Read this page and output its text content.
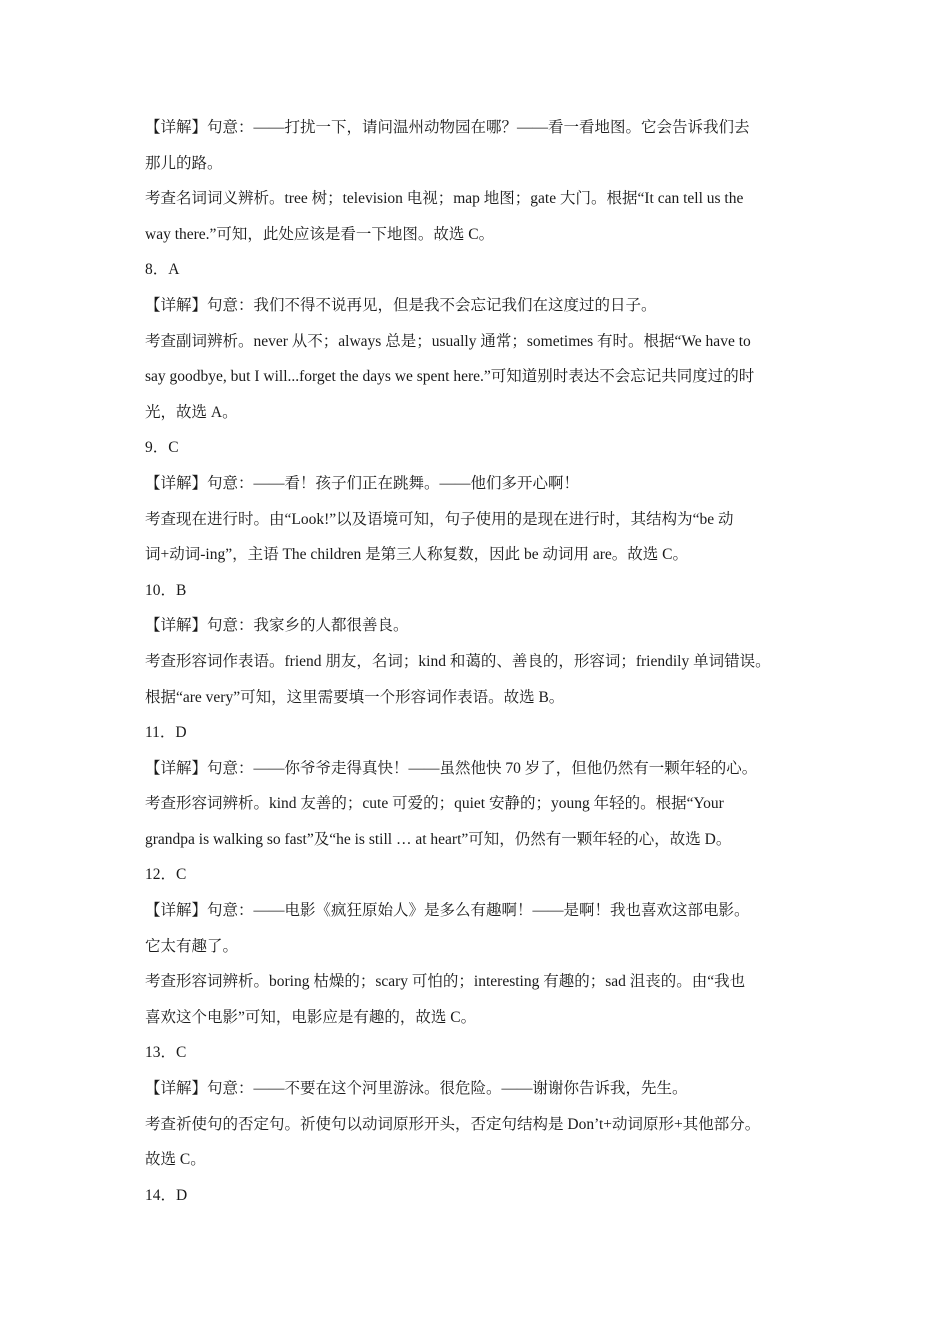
【详解】句意：——打扰一下，请问温州动物园在哪？——看一看地图。它会告诉我们去
那儿的路。
考查名词词义辨析。tree 树；television 电视；map 地图；gate 大门。根据“It can tell us the
way there.”可知，此处应该是看一下地图。故选 C。
8．A
【详解】句意：我们不得不说再见，但是我不会忘记我们在这度过的日子。
考查副词辨析。never 从不；always 总是；usually 通常；sometimes 有时。根据“We have to
say goodbye, but I will...forget the days we spent here.”可知道别时表达不会忘记共同度过的时
光，故选 A。
9．C
【详解】句意：——看！孩子们正在跳舞。——他们多开心啊！
考查现在进行时。由“Look!”以及语境可知，句子使用的是现在进行时，其结构为“be 动
词+动词-ing”，主语 The children 是第三人称复数，因此 be 动词用 are。故选 C。
10．B
【详解】句意：我家乡的人都很善良。
考查形容词作表语。friend 朋友，名词；kind 和蔼的、善良的，形容词；friendily 单词错误。
根据“are very”可知，这里需要填一个形容词作表语。故选 B。
11．D
【详解】句意：——你爷爷走得真快！——虽然他快 70 岁了，但他仍然有一颗年轻的心。
考查形容词辨析。kind 友善的；cute 可爱的；quiet 安静的；young 年轻的。根据“Your
grandpa is walking so fast”及“he is still … at heart”可知，仍然有一颗年轻的心，故选 D。
12．C
【详解】句意：——电影《疯狂原始人》是多么有趣啊！——是啊！我也喜欢这部电影。
它太有趣了。
考查形容词辨析。boring 枯燥的；scary 可怕的；interesting 有趣的；sad 沮丧的。由“我也
喜欢这个电影”可知，电影应是有趣的，故选 C。
13．C
【详解】句意：——不要在这个河里游泳。很危险。——谢谢你告诉我，先生。
考查祈使句的否定句。祈使句以动词原形开头，否定句结构是 Don’t+动词原形+其他部分。
故选 C。
14．D
